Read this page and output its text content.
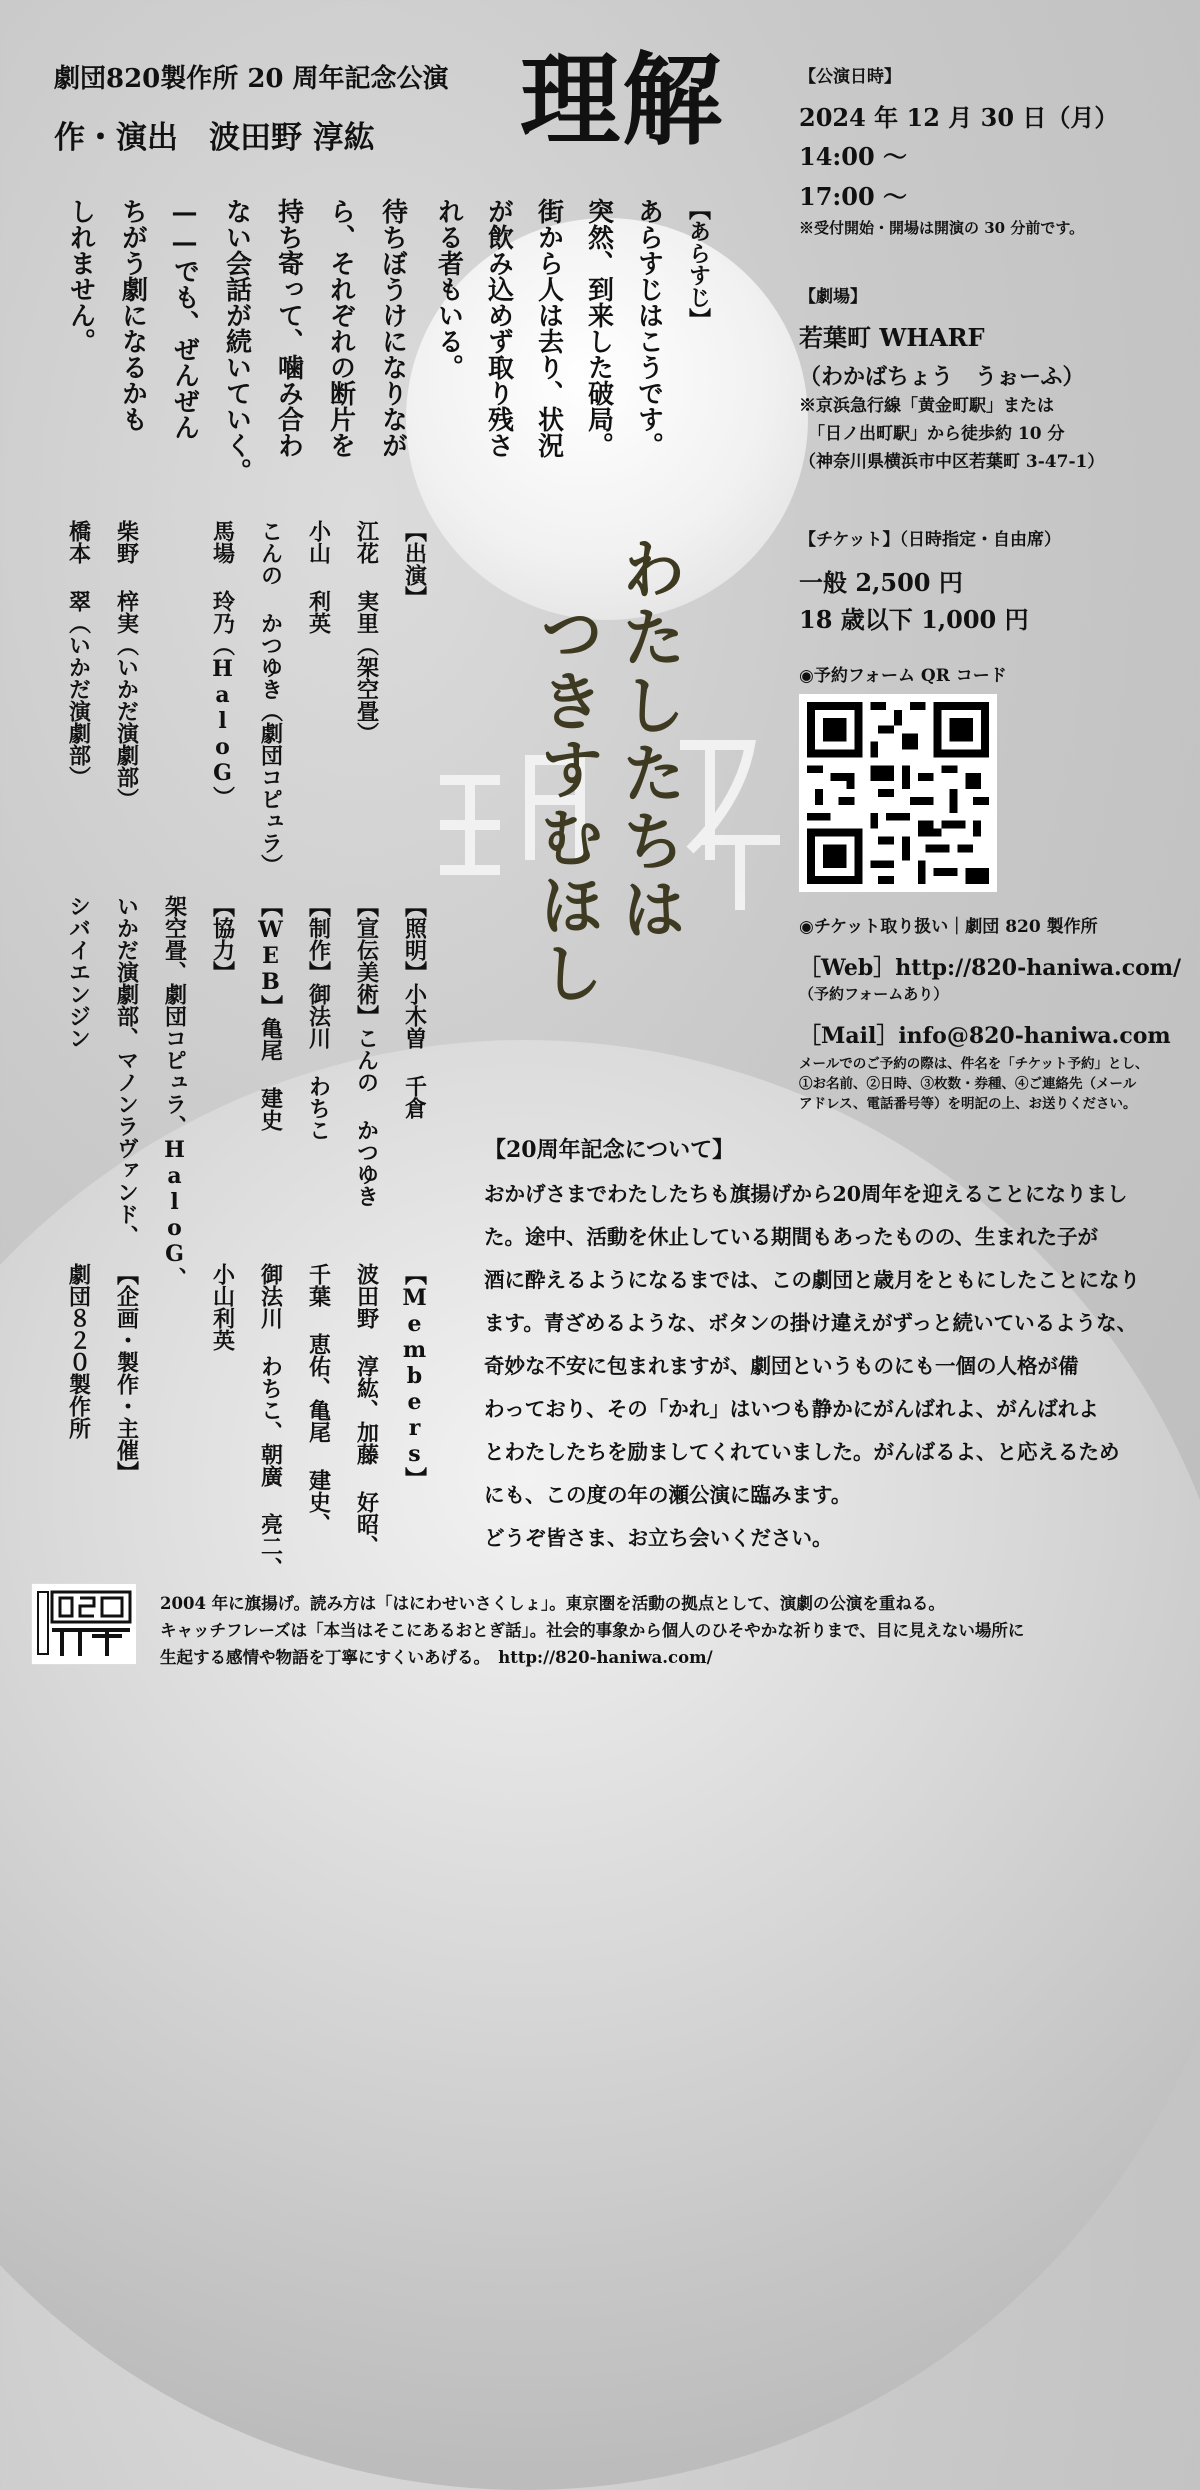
劇団820製作所 20 周年記念公演
作・演出　波田野 淳紘 理解
【あらすじ】
あらすじはこうです。
突然、到来した破局。
街から人は去り、状況
が飲み込めず取り残さ
れる者もいる。
待ちぼうけになりなが
ら、それぞれの断片を
持ち寄って、噛み合わ
ない会話が続いていく。
——でも、ぜんぜん
ちがう劇になるかも
しれません。
【出演】
江花 実里（架空畳）
小山 利英
こんの かつゆき（劇団コピュラ）
馬場 玲乃（HaloG）
柴野 梓実（いかだ演劇部）
橋本 翠（いかだ演劇部）
【照明】小木曽 千倉
【宣伝美術】こんの かつゆき
【制作】御法川 わちこ
【WEB】亀尾 建史
【協力】
架空畳、劇団コピュラ、HaloG、
いかだ演劇部、マノンラヴァンド、
シバイエンジン
【Members】
波田野 淳紘、加藤 好昭、
千葉 恵佑、亀尾 建史、
御法川 わちこ、朝廣 亮二、
小山利英
【企画・製作・主催】
劇団８２０製作所
わたしたちは
つきすむほし
【公演日時】
2024 年 12 月 30 日（月）
14:00 〜
17:00 〜
※受付開始・開場は開演の 30 分前です。
【劇場】
若葉町 WHARF
（わかばちょう　うぉーふ）
※京浜急行線「黄金町駅」または
「日ノ出町駅」から徒歩約 10 分
（神奈川県横浜市中区若葉町 3-47-1）
【チケット】（日時指定・自由席）
一般 2,500 円
18 歳以下 1,000 円
◉予約フォーム QR コード
◉チケット取り扱い｜劇団 820 製作所
［Web］http://820-haniwa.com/
（予約フォームあり）
［Mail］info@820-haniwa.com
メールでのご予約の際は、件名を「チケット予約」とし、
①お名前、②日時、③枚数・券種、④ご連絡先（メール
アドレス、電話番号等）を明記の上、お送りください。
【20周年記念について】
おかげさまでわたしたちも旗揚げから20周年を迎えることになりまし
た。途中、活動を休止している期間もあったものの、生まれた子が
酒に酔えるようになるまでは、この劇団と歳月をともにしたことになり
ます。青ざめるような、ボタンの掛け違えがずっと続いているような、
奇妙な不安に包まれますが、劇団というものにも一個の人格が備
わっており、その「かれ」はいつも静かにがんばれよ、がんばれよ
とわたしたちを励ましてくれていました。がんばるよ、と応えるため
にも、この度の年の瀬公演に臨みます。
どうぞ皆さま、お立ち会いください。
2004 年に旗揚げ。読み方は「はにわせいさくしょ」。東京圏を活動の拠点として、演劇の公演を重ねる。
キャッチフレーズは「本当はそこにあるおとぎ話」。社会的事象から個人のひそやかな祈りまで、目に見えない場所に
生起する感情や物語を丁寧にすくいあげる。　http://820-haniwa.com/
